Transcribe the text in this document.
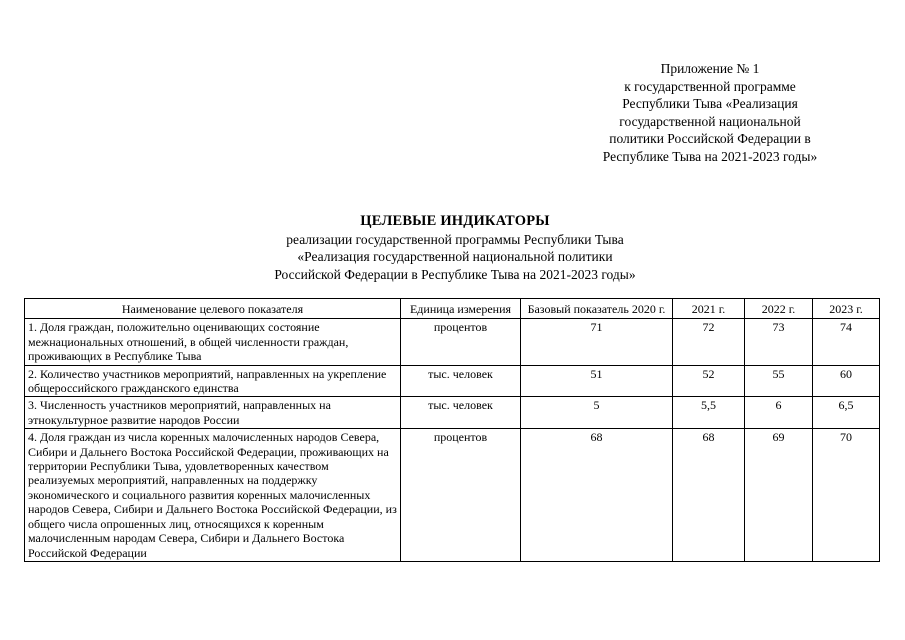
Приложение № 1
к государственной программе
Республики Тыва «Реализация
государственной национальной
политики Российской Федерации в
Республике Тыва на 2021-2023 годы»
ЦЕЛЕВЫЕ ИНДИКАТОРЫ
реализации государственной программы Республики Тыва
«Реализация государственной национальной политики
Российской Федерации в Республике Тыва на 2021-2023 годы»
Наименование целевого показателя	Единица измерения	Базовый показатель 2020 г.	2021 г.	2022 г.	2023 г.
1. Доля граждан, положительно оценивающих состояние межнациональных отношений, в общей численности граждан, проживающих в Республике Тыва	процентов	71	72	73	74
2. Количество участников мероприятий, направленных на укрепление общероссийского гражданского единства	тыс. человек	51	52	55	60
3. Численность участников мероприятий, направленных на этнокультурное развитие народов России	тыс. человек	5	5,5	6	6,5
4. Доля граждан из числа коренных малочисленных народов Севера, Сибири и Дальнего Востока Российской Федерации, проживающих на территории Республики Тыва, удовлетворенных качеством реализуемых мероприятий, направленных на поддержку экономического и социального развития коренных малочисленных народов Севера, Сибири и Дальнего Востока Российской Федерации, из общего числа опрошенных лиц, относящихся к коренным малочисленным народам Севера, Сибири и Дальнего Востока Российской Федерации	процентов	68	68	69	70
